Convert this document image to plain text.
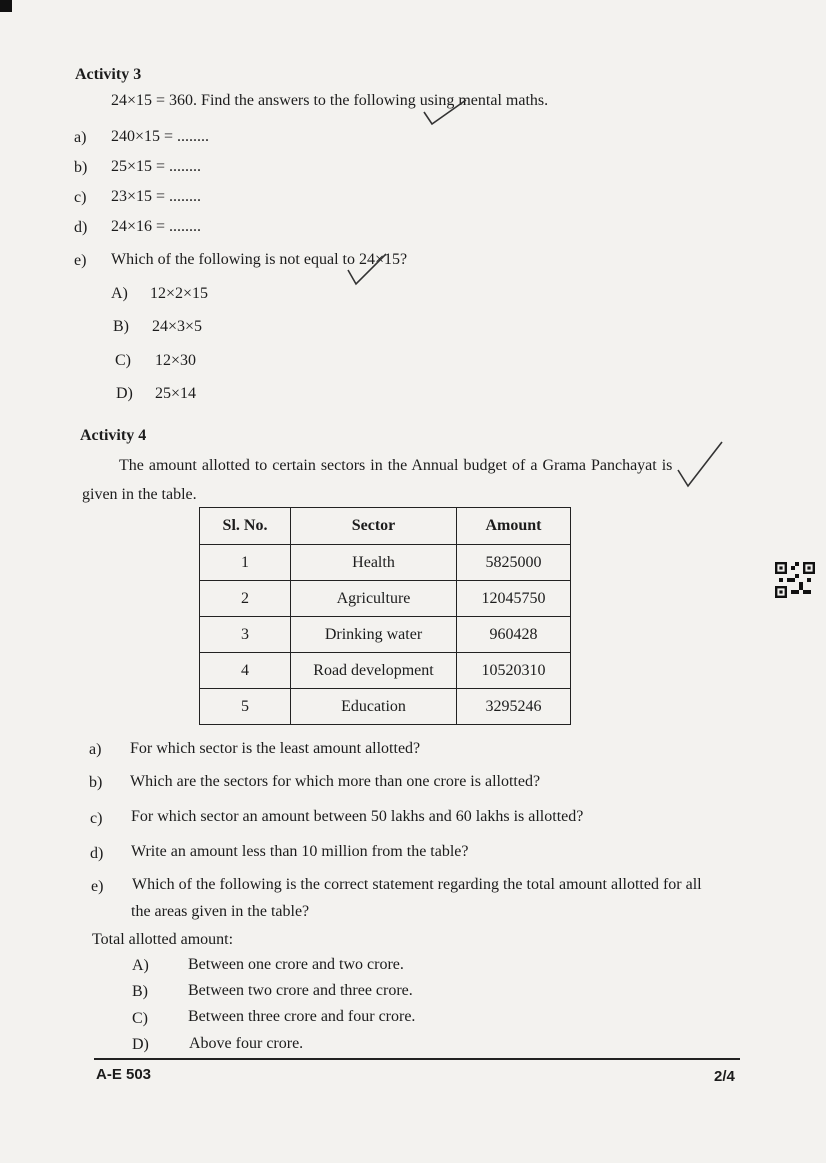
Activity 3
24×15 = 360. Find the answers to the following using mental maths.
a) 240×15 = ........
b) 25×15 = ........
c) 23×15 = ........
d) 24×16 = ........
e) Which of the following is not equal to 24×15?
A) 12×2×15
B) 24×3×5
C) 12×30
D) 25×14
Activity 4
The amount allotted to certain sectors in the Annual budget of a Grama Panchayat is
given in the table.
Sl. No.	Sector	Amount
1	Health	5825000
2	Agriculture	12045750
3	Drinking water	960428
4	Road development	10520310
5	Education	3295246
a) For which sector is the least amount allotted?
b) Which are the sectors for which more than one crore is allotted?
c) For which sector an amount between 50 lakhs and 60 lakhs is allotted?
d) Write an amount less than 10 million from the table?
e) Which of the following is the correct statement regarding the total amount allotted for all
the areas given in the table?
Total allotted amount:
A) Between one crore and two crore.
B)	Between two crore and three crore.
C)	Between three crore and four crore.
D)	Above four crore.
A-E 503	2/4
